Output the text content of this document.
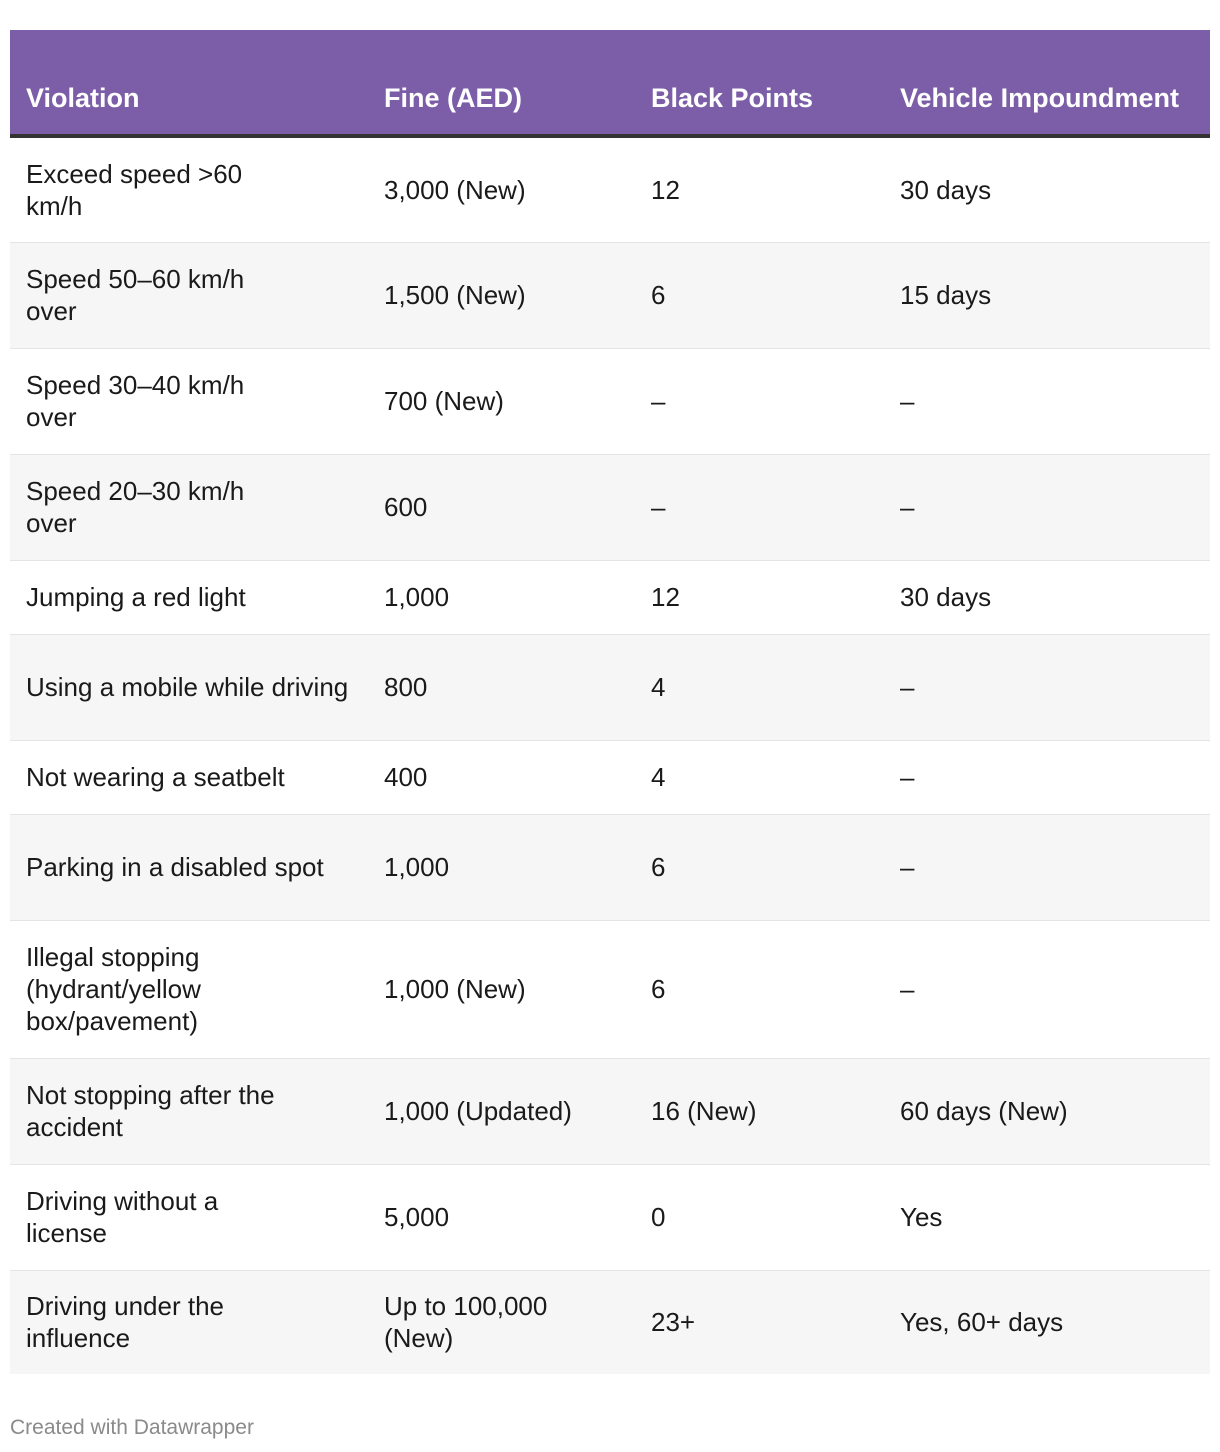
Violation	Fine (AED)	Black Points	Vehicle Impoundment
Exceed speed >60 km/h	3,000 (New)	12	30 days
Speed 50–60 km/h over	1,500 (New)	6	15 days
Speed 30–40 km/h over	700 (New)	–	–
Speed 20–30 km/h over	600	–	–
Jumping a red light	1,000	12	30 days
Using a mobile while driving	800	4	–
Not wearing a seatbelt	400	4	–
Parking in a disabled spot	1,000	6	–
Illegal stopping (hydrant/yellow box/pavement)	1,000 (New)	6	–
Not stopping after the accident	1,000 (Updated)	16 (New)	60 days (New)
Driving without a license	5,000	0	Yes
Driving under the influence	Up to 100,000 (New)	23+	Yes, 60+ days
Created with Datawrapper
